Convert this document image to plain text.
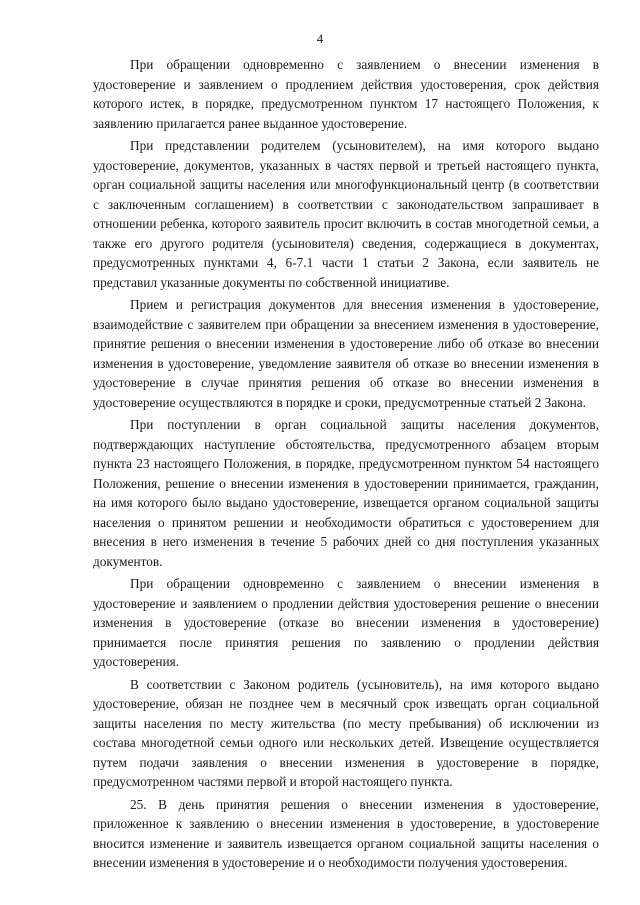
4

При обращении одновременно с заявлением о внесении изменения в удостоверение и заявлением о продлением действия удостоверения, срок действия которого истек, в порядке, предусмотренном пунктом 17 настоящего Положения, к заявлению прилагается ранее выданное удостоверение.

При представлении родителем (усыновителем), на имя которого выдано удостоверение, документов, указанных в частях первой и третьей настоящего пункта, орган социальной защиты населения или многофункциональный центр (в соответствии с заключенным соглашением) в соответствии с законодательством запрашивает в отношении ребенка, которого заявитель просит включить в состав многодетной семьи, а также его другого родителя (усыновителя) сведения, содержащиеся в документах, предусмотренных пунктами 4, 6-7.1 части 1 статьи 2 Закона, если заявитель не представил указанные документы по собственной инициативе.

Прием и регистрация документов для внесения изменения в удостоверение, взаимодействие с заявителем при обращении за внесением изменения в удостоверение, принятие решения о внесении изменения в удостоверение либо об отказе во внесении изменения в удостоверение, уведомление заявителя об отказе во внесении изменения в удостоверение в случае принятия решения об отказе во внесении изменения в удостоверение осуществляются в порядке и сроки, предусмотренные статьей 2 Закона.

При поступлении в орган социальной защиты населения документов, подтверждающих наступление обстоятельства, предусмотренного абзацем вторым пункта 23 настоящего Положения, в порядке, предусмотренном пунктом 54 настоящего Положения, решение о внесении изменения в удостоверении принимается, гражданин, на имя которого было выдано удостоверение, извещается органом социальной защиты населения о принятом решении и необходимости обратиться с удостоверением для внесения в него изменения в течение 5 рабочих дней со дня поступления указанных документов.

При обращении одновременно с заявлением о внесении изменения в удостоверение и заявлением о продлении действия удостоверения решение о внесении изменения в удостоверение (отказе во внесении изменения в удостоверение) принимается после принятия решения по заявлению о продлении действия удостоверения.

В соответствии с Законом родитель (усыновитель), на имя которого выдано удостоверение, обязан не позднее чем в месячный срок извещать орган социальной защиты населения по месту жительства (по месту пребывания) об исключении из состава многодетной семьи одного или нескольких детей. Извещение осуществляется путем подачи заявления о внесении изменения в удостоверение в порядке, предусмотренном частями первой и второй настоящего пункта.

25. В день принятия решения о внесении изменения в удостоверение, приложенное к заявлению о внесении изменения в удостоверение, в удостоверение вносится изменение и заявитель извещается органом социальной защиты населения о внесении изменения в удостоверение и о необходимости получения удостоверения.
